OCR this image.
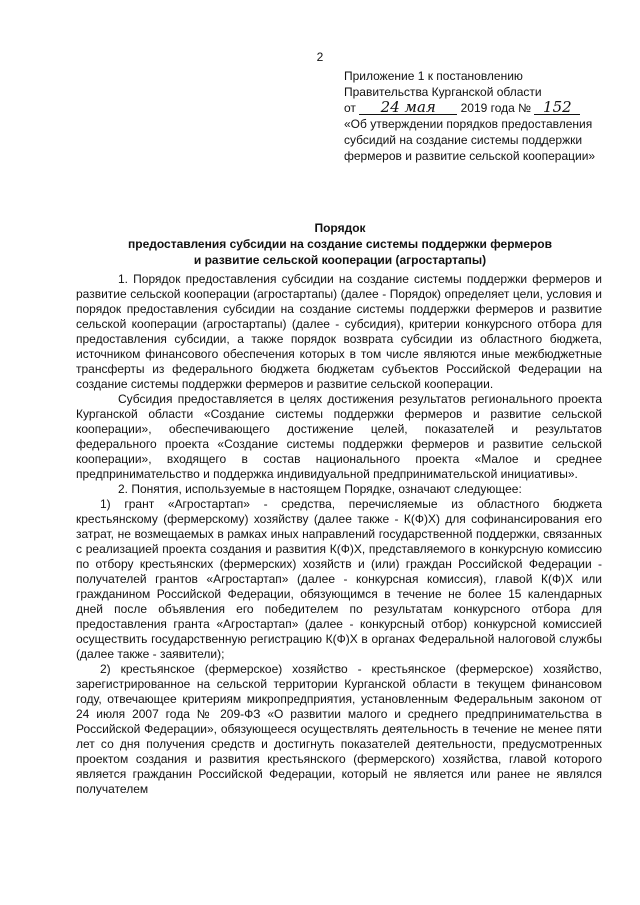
2
Приложение 1 к постановлению
Правительства Курганской области
от 24 мая 2019 года № 152
«Об утверждении порядков предоставления субсидий на создание системы поддержки фермеров и развитие сельской кооперации»
Порядок
предоставления субсидии на создание системы поддержки фермеров
и развитие сельской кооперации (агростартапы)

1. Порядок предоставления субсидии на создание системы поддержки фермеров и развитие сельской кооперации (агростартапы) (далее - Порядок) определяет цели, условия и порядок предоставления субсидии на создание системы поддержки фермеров и развитие сельской кооперации (агростартапы) (далее - субсидия), критерии конкурсного отбора для предоставления субсидии, а также порядок возврата субсидии из областного бюджета, источником финансового обеспечения которых в том числе являются иные межбюджетные трансферты из федерального бюджета бюджетам субъектов Российской Федерации на создание системы поддержки фермеров и развитие сельской кооперации.

Субсидия предоставляется в целях достижения результатов регионального проекта Курганской области «Создание системы поддержки фермеров и развитие сельской кооперации», обеспечивающего достижение целей, показателей и результатов федерального проекта «Создание системы поддержки фермеров и развитие сельской кооперации», входящего в состав национального проекта «Малое и среднее предпринимательство и поддержка индивидуальной предпринимательской инициативы».

2. Понятия, используемые в настоящем Порядке, означают следующее:

1) грант «Агростартап» - средства, перечисляемые из областного бюджета крестьянскому (фермерскому) хозяйству (далее также - К(Ф)Х) для софинансирования его затрат, не возмещаемых в рамках иных направлений государственной поддержки, связанных с реализацией проекта создания и развития К(Ф)Х, представляемого в конкурсную комиссию по отбору крестьянских (фермерских) хозяйств и (или) граждан Российской Федерации - получателей грантов «Агростартап» (далее - конкурсная комиссия), главой К(Ф)Х или гражданином Российской Федерации, обязующимся в течение не более 15 календарных дней после объявления его победителем по результатам конкурсного отбора для предоставления гранта «Агростартап» (далее - конкурсный отбор) конкурсной комиссией осуществить государственную регистрацию К(Ф)Х в органах Федеральной налоговой службы (далее также - заявители);

2) крестьянское (фермерское) хозяйство - крестьянское (фермерское) хозяйство, зарегистрированное на сельской территории Курганской области в текущем финансовом году, отвечающее критериям микропредприятия, установленным Федеральным законом от 24 июля 2007 года № 209-ФЗ «О развитии малого и среднего предпринимательства в Российской Федерации», обязующееся осуществлять деятельность в течение не менее пяти лет со дня получения средств и достигнуть показателей деятельности, предусмотренных проектом создания и развития крестьянского (фермерского) хозяйства, главой которого является гражданин Российской Федерации, который не является или ранее не являлся получателем
